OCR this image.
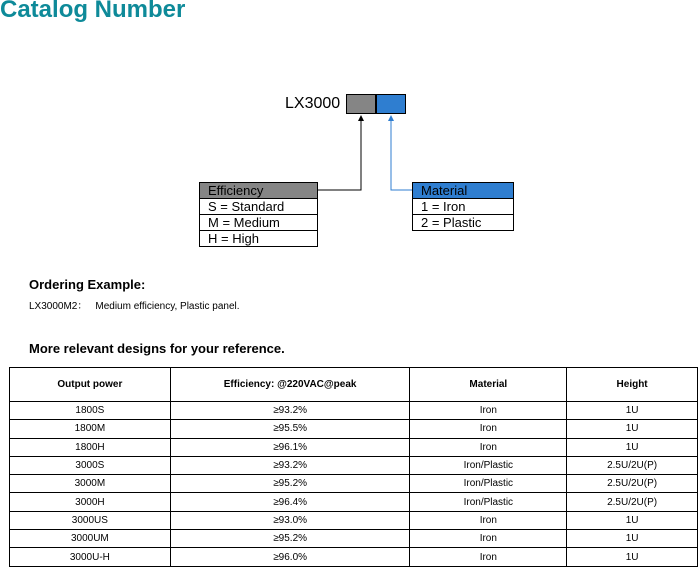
Catalog Number
LX3000
Efficiency
S = Standard
M = Medium
H = High
Material
1 = Iron
2 = Plastic
Ordering Example:
LX3000M2： Medium efficiency, Plastic panel.
More relevant designs for your reference.
Output power	Efficiency: @220VAC@peak	Material	Height
1800S	≥93.2%	Iron	1U
1800M	≥95.5%	Iron	1U
1800H	≥96.1%	Iron	1U
3000S	≥93.2%	Iron/Plastic	2.5U/2U(P)
3000M	≥95.2%	Iron/Plastic	2.5U/2U(P)
3000H	≥96.4%	Iron/Plastic	2.5U/2U(P)
3000US	≥93.0%	Iron	1U
3000UM	≥95.2%	Iron	1U
3000U-H	≥96.0%	Iron	1U
